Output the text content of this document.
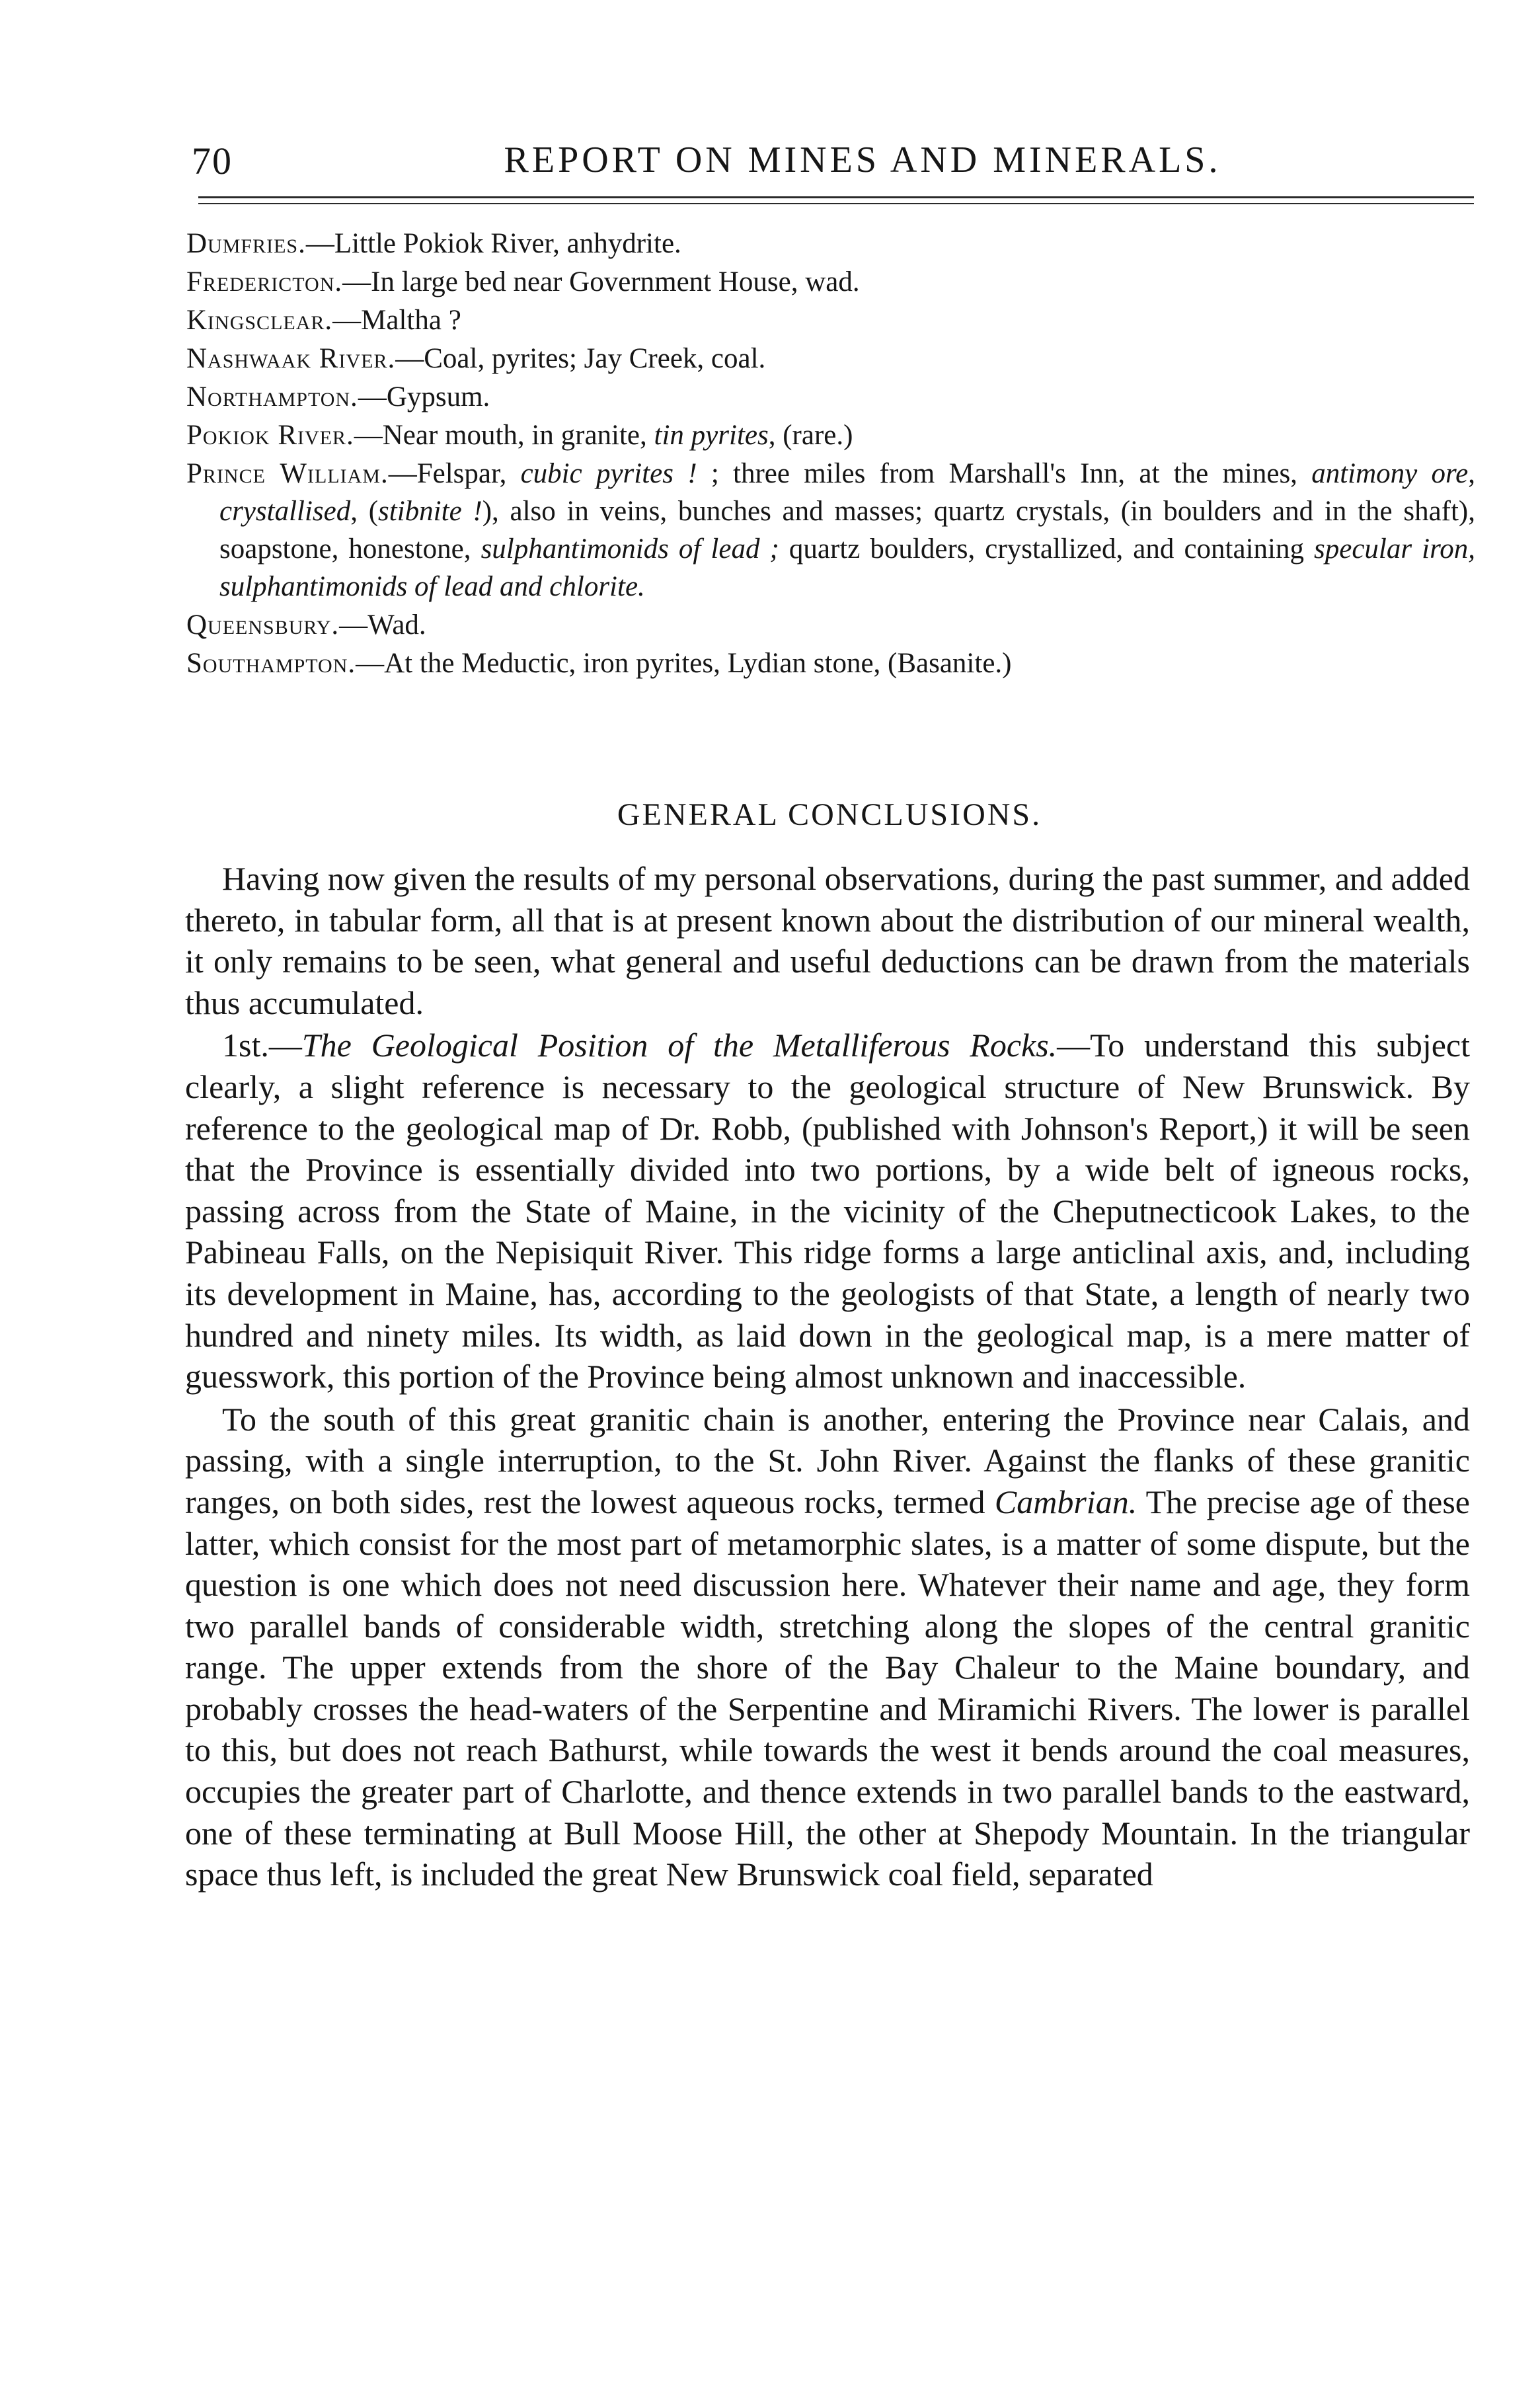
70	REPORT ON MINES AND MINERALS.

Dumfries.—Little Pokiok River, anhydrite.

Fredericton.—In large bed near Government House, wad.

Kingsclear.—Maltha ?

Nashwaak River.—Coal, pyrites; Jay Creek, coal.

Northampton.—Gypsum.

Pokiok River.—Near mouth, in granite, tin pyrites, (rare.)

Prince William.—Felspar, cubic pyrites ! ; three miles from Marshall's Inn, at the mines, antimony ore, crystallised, (stibnite !), also in veins, bunches and masses; quartz crystals, (in boulders and in the shaft), soapstone, honestone, sulphantimonids of lead ; quartz boulders, crystallized, and containing specular iron, sulphantimonids of lead and chlorite.

Queensbury.—Wad.

Southampton.—At the Meductic, iron pyrites, Lydian stone, (Basanite.)

GENERAL CONCLUSIONS.

Having now given the results of my personal observations, during the past summer, and added thereto, in tabular form, all that is at present known about the distribution of our mineral wealth, it only remains to be seen, what general and useful deductions can be drawn from the materials thus accumulated.

1st.—The Geological Position of the Metalliferous Rocks.—To understand this subject clearly, a slight reference is necessary to the geological structure of New Brunswick. By reference to the geological map of Dr. Robb, (published with Johnson's Report,) it will be seen that the Province is essentially divided into two portions, by a wide belt of igneous rocks, passing across from the State of Maine, in the vicinity of the Cheputnecticook Lakes, to the Pabineau Falls, on the Nepisiquit River. This ridge forms a large anticlinal axis, and, including its development in Maine, has, according to the geologists of that State, a length of nearly two hundred and ninety miles. Its width, as laid down in the geological map, is a mere matter of guesswork, this portion of the Province being almost unknown and inaccessible.

To the south of this great granitic chain is another, entering the Province near Calais, and passing, with a single interruption, to the St. John River. Against the flanks of these granitic ranges, on both sides, rest the lowest aqueous rocks, termed Cambrian. The precise age of these latter, which consist for the most part of metamorphic slates, is a matter of some dispute, but the question is one which does not need discussion here. Whatever their name and age, they form two parallel bands of considerable width, stretching along the slopes of the central granitic range. The upper extends from the shore of the Bay Chaleur to the Maine boundary, and probably crosses the head-waters of the Serpentine and Miramichi Rivers. The lower is parallel to this, but does not reach Bathurst, while towards the west it bends around the coal measures, occupies the greater part of Charlotte, and thence extends in two parallel bands to the eastward, one of these terminating at Bull Moose Hill, the other at Shepody Mountain. In the triangular space thus left, is included the great New Brunswick coal field, separated
